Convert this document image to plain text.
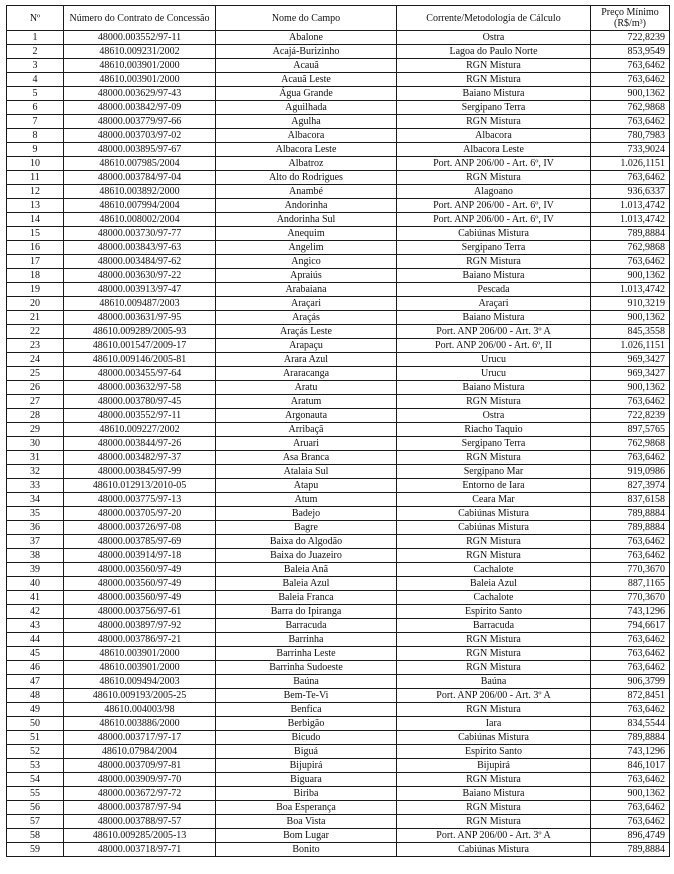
Nº	Número do Contrato de Concessão	Nome do Campo	Corrente/Metodologia de Cálculo	Preço Mínimo (R$/m³)
1	48000.003552/97-11	Abalone	Ostra	722,8239
2	48610.009231/2002	Acajá-Burizinho	Lagoa do Paulo Norte	853,9549
3	48610.003901/2000	Acauã	RGN Mistura	763,6462
4	48610.003901/2000	Acauã Leste	RGN Mistura	763,6462
5	48000.003629/97-43	Água Grande	Baiano Mistura	900,1362
6	48000.003842/97-09	Aguilhada	Sergipano Terra	762,9868
7	48000.003779/97-66	Agulha	RGN Mistura	763,6462
8	48000.003703/97-02	Albacora	Albacora	780,7983
9	48000.003895/97-67	Albacora Leste	Albacora Leste	733,9024
10	48610.007985/2004	Albatroz	Port. ANP 206/00 - Art. 6º, IV	1.026,1151
11	48000.003784/97-04	Alto do Rodrigues	RGN Mistura	763,6462
12	48610.003892/2000	Anambé	Alagoano	936,6337
13	48610.007994/2004	Andorinha	Port. ANP 206/00 - Art. 6º, IV	1.013,4742
14	48610.008002/2004	Andorinha Sul	Port. ANP 206/00 - Art. 6º, IV	1.013,4742
15	48000.003730/97-77	Anequim	Cabiúnas Mistura	789,8884
16	48000.003843/97-63	Angelim	Sergipano Terra	762,9868
17	48000.003484/97-62	Angico	RGN Mistura	763,6462
18	48000.003630/97-22	Apraiús	Baiano Mistura	900,1362
19	48000.003913/97-47	Arabaiana	Pescada	1.013,4742
20	48610.009487/2003	Araçari	Araçari	910,3219
21	48000.003631/97-95	Araçás	Baiano Mistura	900,1362
22	48610.009289/2005-93	Araçás Leste	Port. ANP 206/00 - Art. 3º A	845,3558
23	48610.001547/2009-17	Arapaçu	Port. ANP 206/00 - Art. 6º, II	1.026,1151
24	48610.009146/2005-81	Arara Azul	Urucu	969,3427
25	48000.003455/97-64	Araracanga	Urucu	969,3427
26	48000.003632/97-58	Aratu	Baiano Mistura	900,1362
27	48000.003780/97-45	Aratum	RGN Mistura	763,6462
28	48000.003552/97-11	Argonauta	Ostra	722,8239
29	48610.009227/2002	Arribaçã	Riacho Taquio	897,5765
30	48000.003844/97-26	Aruari	Sergipano Terra	762,9868
31	48000.003482/97-37	Asa Branca	RGN Mistura	763,6462
32	48000.003845/97-99	Atalaia Sul	Sergipano Mar	919,0986
33	48610.012913/2010-05	Atapu	Entorno de Iara	827,3974
34	48000.003775/97-13	Atum	Ceara Mar	837,6158
35	48000.003705/97-20	Badejo	Cabiúnas Mistura	789,8884
36	48000.003726/97-08	Bagre	Cabiúnas Mistura	789,8884
37	48000.003785/97-69	Baixa do Algodão	RGN Mistura	763,6462
38	48000.003914/97-18	Baixa do Juazeiro	RGN Mistura	763,6462
39	48000.003560/97-49	Baleia Anã	Cachalote	770,3670
40	48000.003560/97-49	Baleia Azul	Baleia Azul	887,1165
41	48000.003560/97-49	Baleia Franca	Cachalote	770,3670
42	48000.003756/97-61	Barra do Ipiranga	Espírito Santo	743,1296
43	48000.003897/97-92	Barracuda	Barracuda	794,6617
44	48000.003786/97-21	Barrinha	RGN Mistura	763,6462
45	48610.003901/2000	Barrinha Leste	RGN Mistura	763,6462
46	48610.003901/2000	Barrinha Sudoeste	RGN Mistura	763,6462
47	48610.009494/2003	Baúna	Baúna	906,3799
48	48610.009193/2005-25	Bem-Te-Vi	Port. ANP 206/00 - Art. 3º A	872,8451
49	48610.004003/98	Benfica	RGN Mistura	763,6462
50	48610.003886/2000	Berbigão	Iara	834,5544
51	48000.003717/97-17	Bicudo	Cabiúnas Mistura	789,8884
52	48610.07984/2004	Biguá	Espírito Santo	743,1296
53	48000.003709/97-81	Bijupirá	Bijupirá	846,1017
54	48000.003909/97-70	Biguara	RGN Mistura	763,6462
55	48000.003672/97-72	Biriba	Baiano Mistura	900,1362
56	48000.003787/97-94	Boa Esperança	RGN Mistura	763,6462
57	48000.003788/97-57	Boa Vista	RGN Mistura	763,6462
58	48610.009285/2005-13	Bom Lugar	Port. ANP 206/00 - Art. 3º A	896,4749
59	48000.003718/97-71	Bonito	Cabiúnas Mistura	789,8884
